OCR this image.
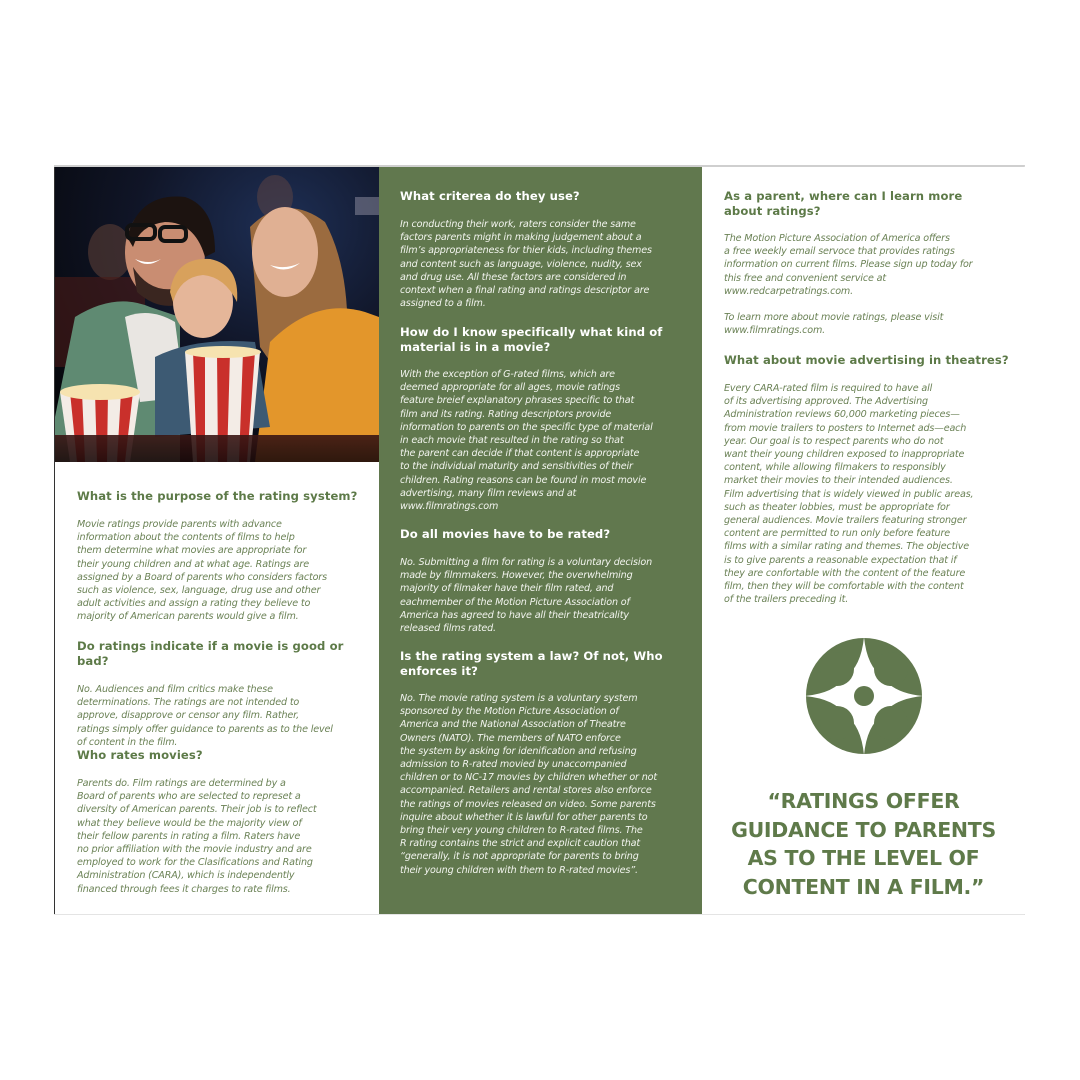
What is the purpose of the rating system?

Movie ratings provide parents with advance
information about the contents of films to help
them determine what movies are appropriate for
their young children and at what age. Ratings are
assigned by a Board of parents who considers factors
such as violence, sex, language, drug use and other
adult activities and assign a rating they believe to
majority of American parents would give a film.

Do ratings indicate if a movie is good or bad?

No. Audiences and film critics make these
determinations. The ratings are not intended to
approve, disapprove or censor any film. Rather,
ratings simply offer guidance to parents as to the level
of content in the film.

Who rates movies?

Parents do. Film ratings are determined by a
Board of parents who are selected to represet a
diversity of American parents. Their job is to reflect
what they believe would be the majority view of
their fellow parents in rating a film. Raters have
no prior affiliation with the movie industry and are
employed to work for the Clasifications and Rating
Administration (CARA), which is independently
financed through fees it charges to rate films.

What criterea do they use?

In conducting their work, raters consider the same
factors parents might in making judgement about a
film’s appropriateness for thier kids, including themes
and content such as language, violence, nudity, sex
and drug use. All these factors are considered in
context when a final rating and ratings descriptor are
assigned to a film.

How do I know specifically what kind of
material is in a movie?

With the exception of G-rated films, which are
deemed appropriate for all ages, movie ratings
feature breief explanatory phrases specific to that
film and its rating. Rating descriptors provide
information to parents on the specific type of material
in each movie that resulted in the rating so that
the parent can decide if that content is appropriate
to the individual maturity and sensitivities of their
children. Rating reasons can be found in most movie
advertising, many film reviews and at
www.filmratings.com

Do all movies have to be rated?

No. Submitting a film for rating is a voluntary decision
made by filmmakers. However, the overwhelming
majority of filmaker have their film rated, and
eachmember of the Motion Picture Association of
America has agreed to have all their theatricality
released films rated.

Is the rating system a law? Of not, Who
enforces it?

No. The movie rating system is a voluntary system
sponsored by the Motion Picture Association of
America and the National Association of Theatre
Owners (NATO). The members of NATO enforce
the system by asking for idenification and refusing
admission to R-rated movied by unaccompanied
children or to NC-17 movies by children whether or not
accompanied. Retailers and rental stores also enforce
the ratings of movies released on video. Some parents
inquire about whether it is lawful for other parents to
bring their very young children to R-rated films. The
R rating contains the strict and explicit caution that
“generally, it is not appropriate for parents to bring
their young children with them to R-rated movies”.

As a parent, where can I learn more
about ratings?

The Motion Picture Association of America offers
a free weekly email servoce that provides ratings
information on current films. Please sign up today for
this free and convenient service at
www.redcarpetratings.com.

To learn more about movie ratings, please visit
www.filmratings.com.

What about movie advertising in theatres?

Every CARA-rated film is required to have all
of its advertising approved. The Advertising
Administration reviews 60,000 marketing pieces—
from movie trailers to posters to Internet ads—each
year. Our goal is to respect parents who do not
want their young children exposed to inappropriate
content, while allowing filmakers to responsibly
market their movies to their intended audiences.
Film advertising that is widely viewed in public areas,
such as theater lobbies, must be appropriate for
general audiences. Movie trailers featuring stronger
content are permitted to run only before feature
films with a similar rating and themes. The objective
is to give parents a reasonable expectation that if
they are confortable with the content of the feature
film, then they will be comfortable with the content
of the trailers preceding it.

“RATINGS OFFER
GUIDANCE TO PARENTS
AS TO THE LEVEL OF
CONTENT IN A FILM.”
